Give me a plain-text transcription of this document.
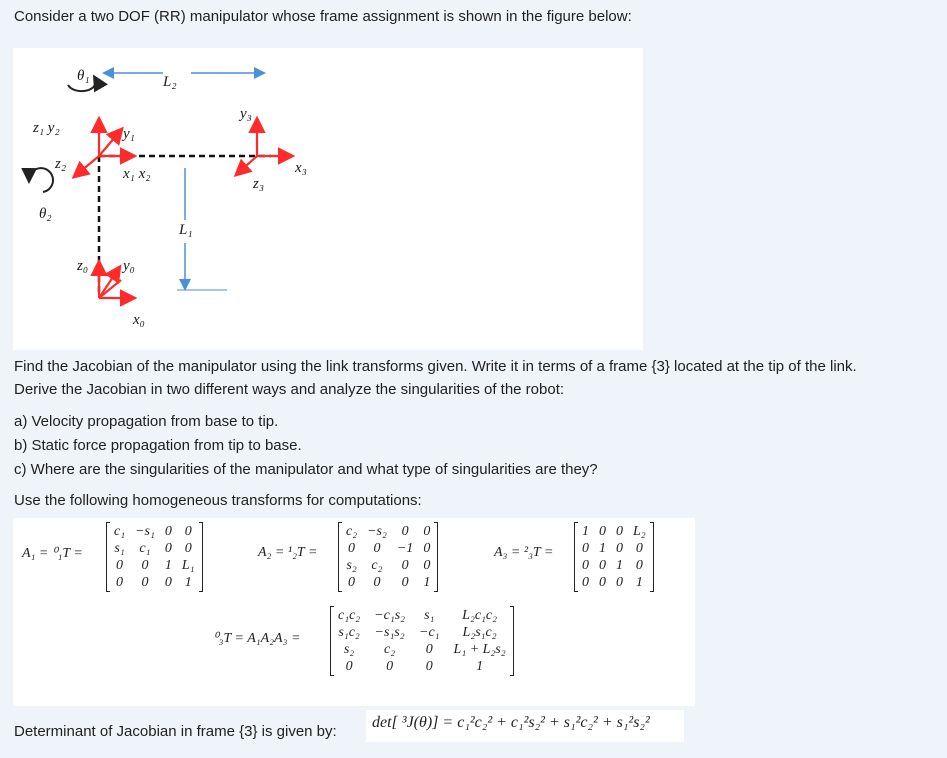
Consider a two DOF (RR) manipulator whose frame assignment is shown in the figure below:
θ₁	L₂
z₁ y₂	y₁
z₂
x₁ x₂
θ₂
L₁
z₀ y₀
x₀
y₃
x₃
z₃
Find the Jacobian of the manipulator using the link transforms given. Write it in terms of a frame {3} located at the tip of the link.
Derive the Jacobian in two different ways and analyze the singularities of the robot:
a) Velocity propagation from base to tip.
b) Static force propagation from tip to base.
c) Where are the singularities of the manipulator and what type of singularities are they?
Use the following homogeneous transforms for computations:
A₁ = ⁰₁T =
c₁ −s₁ 0 0
s₁	c₁	0 0
0	0	1 L₁
0	0	0 1
A₂ = ¹₂T =
c₂ −s₂	0	0
0	0	−1 0
s₂	c₂	0	0
0	0	0	1
A₃ = ²₃T =
1 0 0 L₂
0 1 0 0
0 0 1 0
0 0 0 1
⁰₃T = A₁A₂A₃ =
c₁c₂ −c₁s₂	s₁	L₂c₁c₂
s₁c₂ −s₁s₂ −c₁	L₂s₁c₂
s₂	c₂	0	L₁ + L₂s₂
0	0	0	1
Determinant of Jacobian in frame {3} is given by:
det[ ³J(θ)] = c₁²c₂² + c₁²s₂² + s₁²c₂² + s₁²s₂²
